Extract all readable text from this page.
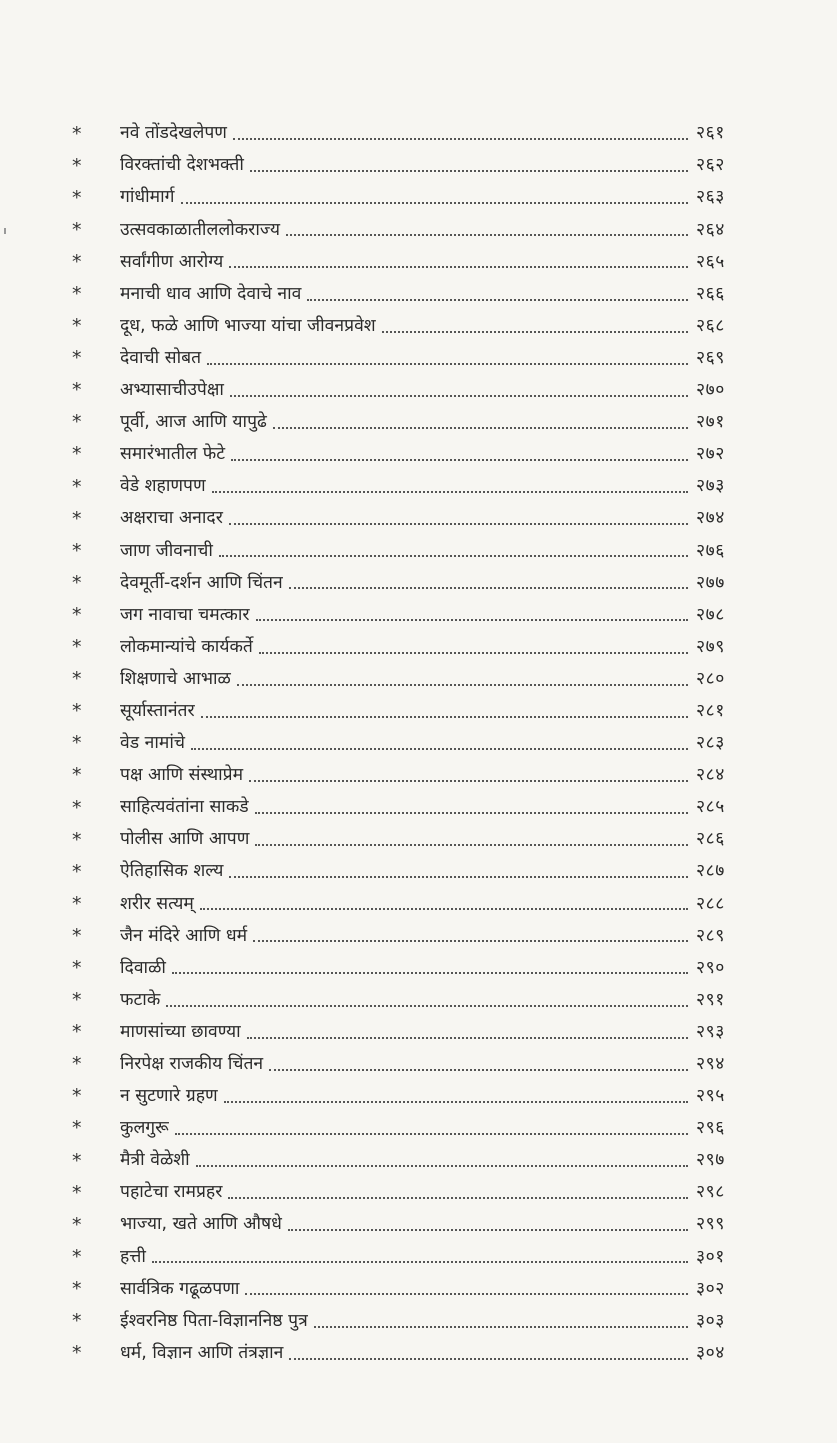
*	नवे तोंडदेखलेपण	२६१
*	विरक्तांची देशभक्ती	२६२
*	गांधीमार्ग	२६३
*	उत्सवकाळातीललोकराज्य	२६४
*	सर्वांगीण आरोग्य	२६५
*	मनाची धाव आणि देवाचे नाव	२६६
*	दूध, फळे आणि भाज्या यांचा जीवनप्रवेश	२६८
*	देवाची सोबत	२६९
*	अभ्यासाचीउपेक्षा	२७०
*	पूर्वी, आज आणि यापुढे	२७१
*	समारंभातील फेटे	२७२
*	वेडे शहाणपण	२७३
*	अक्षराचा अनादर	२७४
*	जाण जीवनाची	२७६
*	देवमूर्ती-दर्शन आणि चिंतन	२७७
*	जग नावाचा चमत्कार	२७८
*	लोकमान्यांचे कार्यकर्ते	२७९
*	शिक्षणाचे आभाळ	२८०
*	सूर्यास्तानंतर	२८१
*	वेड नामांचे	२८३
*	पक्ष आणि संस्थाप्रेम	२८४
*	साहित्यवंतांना साकडे	२८५
*	पोलीस आणि आपण	२८६
*	ऐतिहासिक शल्य	२८७
*	शरीर सत्यम्	२८८
*	जैन मंदिरे आणि धर्म	२८९
*	दिवाळी	२९०
*	फटाके	२९१
*	माणसांच्या छावण्या	२९३
*	निरपेक्ष राजकीय चिंतन	२९४
*	न सुटणारे ग्रहण	२९५
*	कुलगुरू	२९६
*	मैत्री वेळेशी	२९७
*	पहाटेचा रामप्रहर	२९८
*	भाज्या, खते आणि औषधे	२९९
*	हत्ती	३०१
*	सार्वत्रिक गढूळपणा	३०२
*	ईश्वरनिष्ठ पिता-विज्ञाननिष्ठ पुत्र	३०३
*	धर्म, विज्ञान आणि तंत्रज्ञान	३०४
